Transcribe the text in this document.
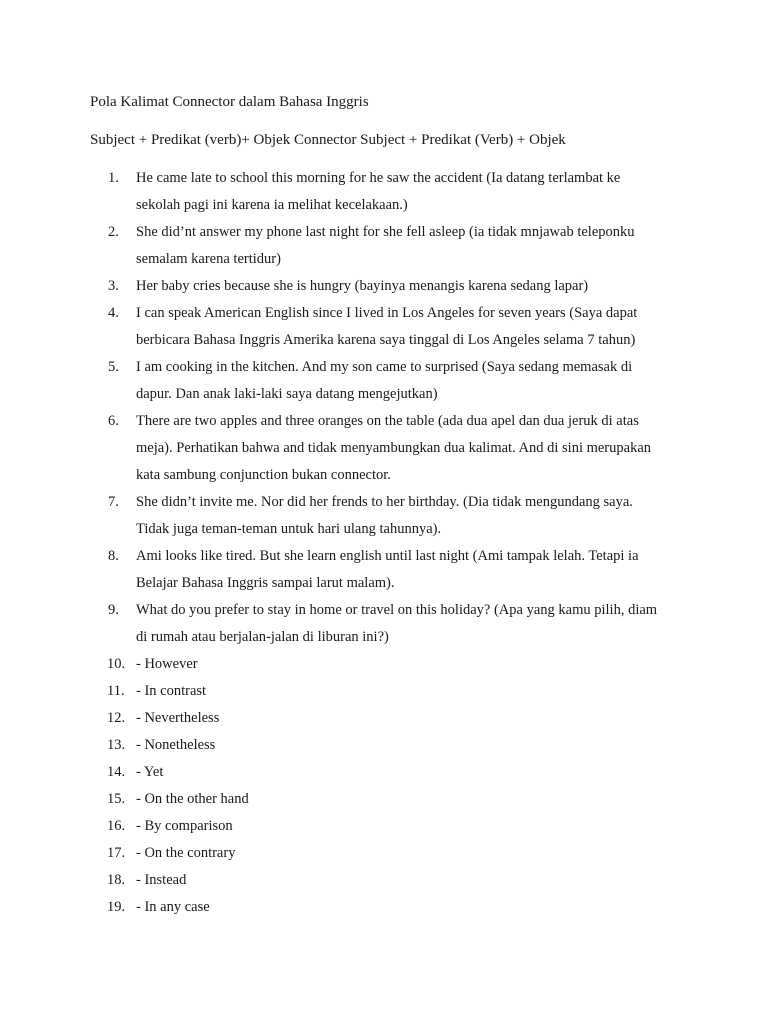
Pola Kalimat Connector dalam Bahasa Inggris
Subject + Predikat (verb)+ Objek Connector Subject + Predikat (Verb) + Objek
1.	He came late to school this morning for he saw the accident (Ia datang terlambat ke sekolah pagi ini karena ia melihat kecelakaan.)
2.	She did’nt answer my phone last night for she fell asleep (ia tidak mnjawab teleponku semalam karena tertidur)
3.	Her baby cries because she is hungry (bayinya menangis karena sedang lapar)
4.	I can speak American English since I lived in Los Angeles for seven years (Saya dapat berbicara Bahasa Inggris Amerika karena saya tinggal di Los Angeles selama 7 tahun)
5.	I am cooking in the kitchen. And my son came to surprised (Saya sedang memasak di dapur. Dan anak laki-laki saya datang mengejutkan)
6.	There are two apples and three oranges on the table (ada dua apel dan dua jeruk di atas meja). Perhatikan bahwa and tidak menyambungkan dua kalimat. And di sini merupakan kata sambung conjunction bukan connector.
7.	She didn’t invite me. Nor did her frends to her birthday. (Dia tidak mengundang saya. Tidak juga teman-teman untuk hari ulang tahunnya).
8.	Ami looks like tired. But she learn english until last night (Ami tampak lelah. Tetapi ia Belajar Bahasa Inggris sampai larut malam).
9.	What do you prefer to stay in home or travel on this holiday? (Apa yang kamu pilih, diam di rumah atau berjalan-jalan di liburan ini?)
10. - However
11. - In contrast
12. - Nevertheless
13. - Nonetheless
14. - Yet
15. - On the other hand
16. - By comparison
17. - On the contrary
18. - Instead
19. - In any case
